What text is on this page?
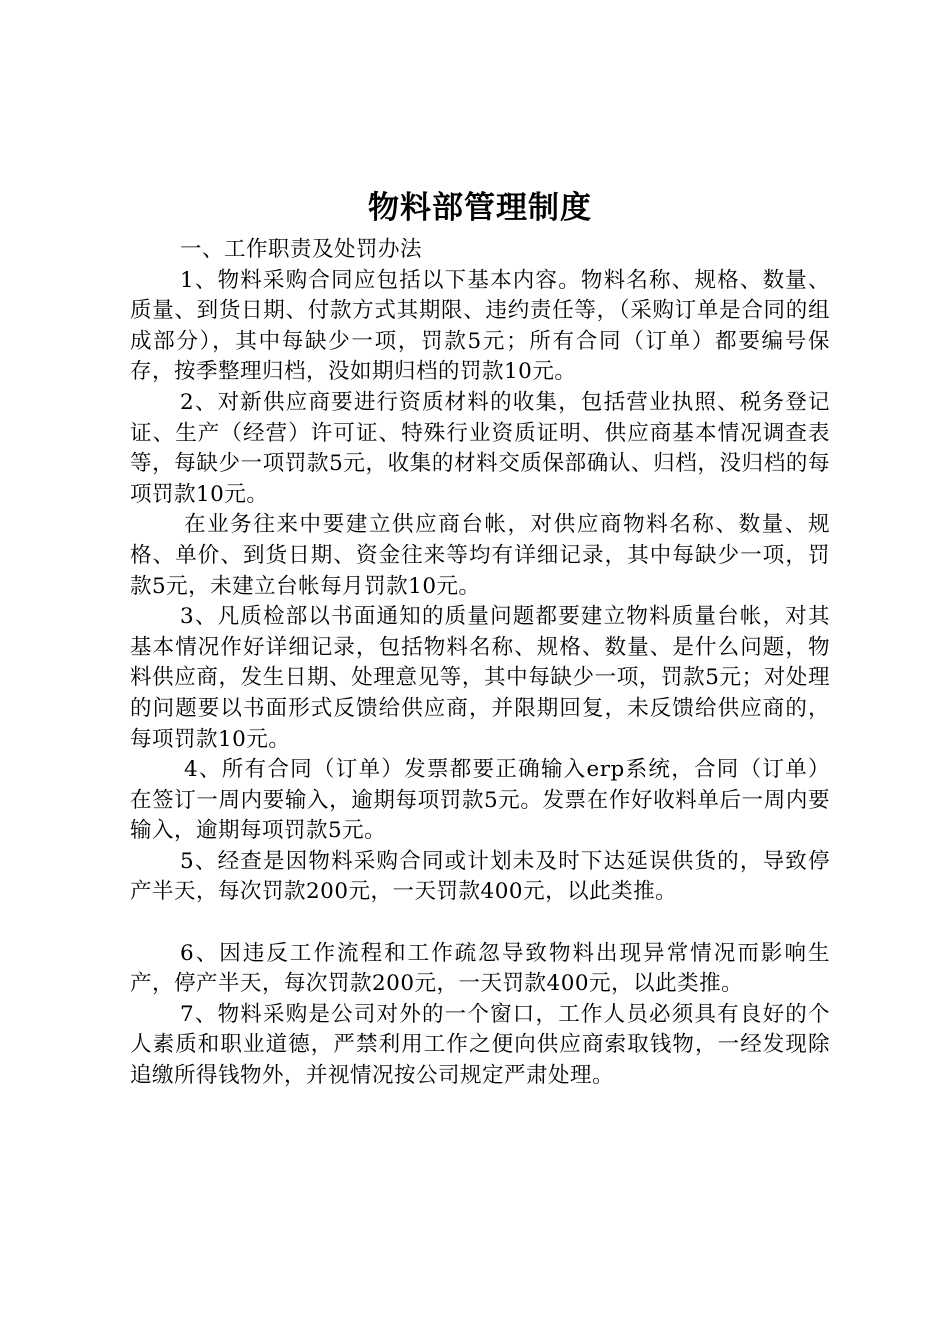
物料部管理制度

一、工作职责及处罚办法

1、物料采购合同应包括以下基本内容。物料名称、规格、数量、质量、到货日期、付款方式其期限、违约责任等，（采购订单是合同的组成部分），其中每缺少一项，罚款5元；所有合同（订单）都要编号保存，按季整理归档，没如期归档的罚款10元。

2、对新供应商要进行资质材料的收集，包括营业执照、税务登记证、生产（经营）许可证、特殊行业资质证明、供应商基本情况调查表等，每缺少一项罚款5元，收集的材料交质保部确认、归档，没归档的每项罚款10元。

在业务往来中要建立供应商台帐，对供应商物料名称、数量、规格、单价、到货日期、资金往来等均有详细记录，其中每缺少一项，罚款5元，未建立台帐每月罚款10元。

3、凡质检部以书面通知的质量问题都要建立物料质量台帐，对其基本情况作好详细记录，包括物料名称、规格、数量、是什么问题，物料供应商，发生日期、处理意见等，其中每缺少一项，罚款5元；对处理的问题要以书面形式反馈给供应商，并限期回复，未反馈给供应商的，每项罚款10元。

4、所有合同（订单）发票都要正确输入erp系统，合同（订单）在签订一周内要输入，逾期每项罚款5元。发票在作好收料单后一周内要输入，逾期每项罚款5元。

5、经查是因物料采购合同或计划未及时下达延误供货的，导致停产半天，每次罚款200元，一天罚款400元，以此类推。

6、因违反工作流程和工作疏忽导致物料出现异常情况而影响生产，停产半天，每次罚款200元，一天罚款400元，以此类推。

7、物料采购是公司对外的一个窗口，工作人员必须具有良好的个人素质和职业道德，严禁利用工作之便向供应商索取钱物，一经发现除追缴所得钱物外，并视情况按公司规定严肃处理。
